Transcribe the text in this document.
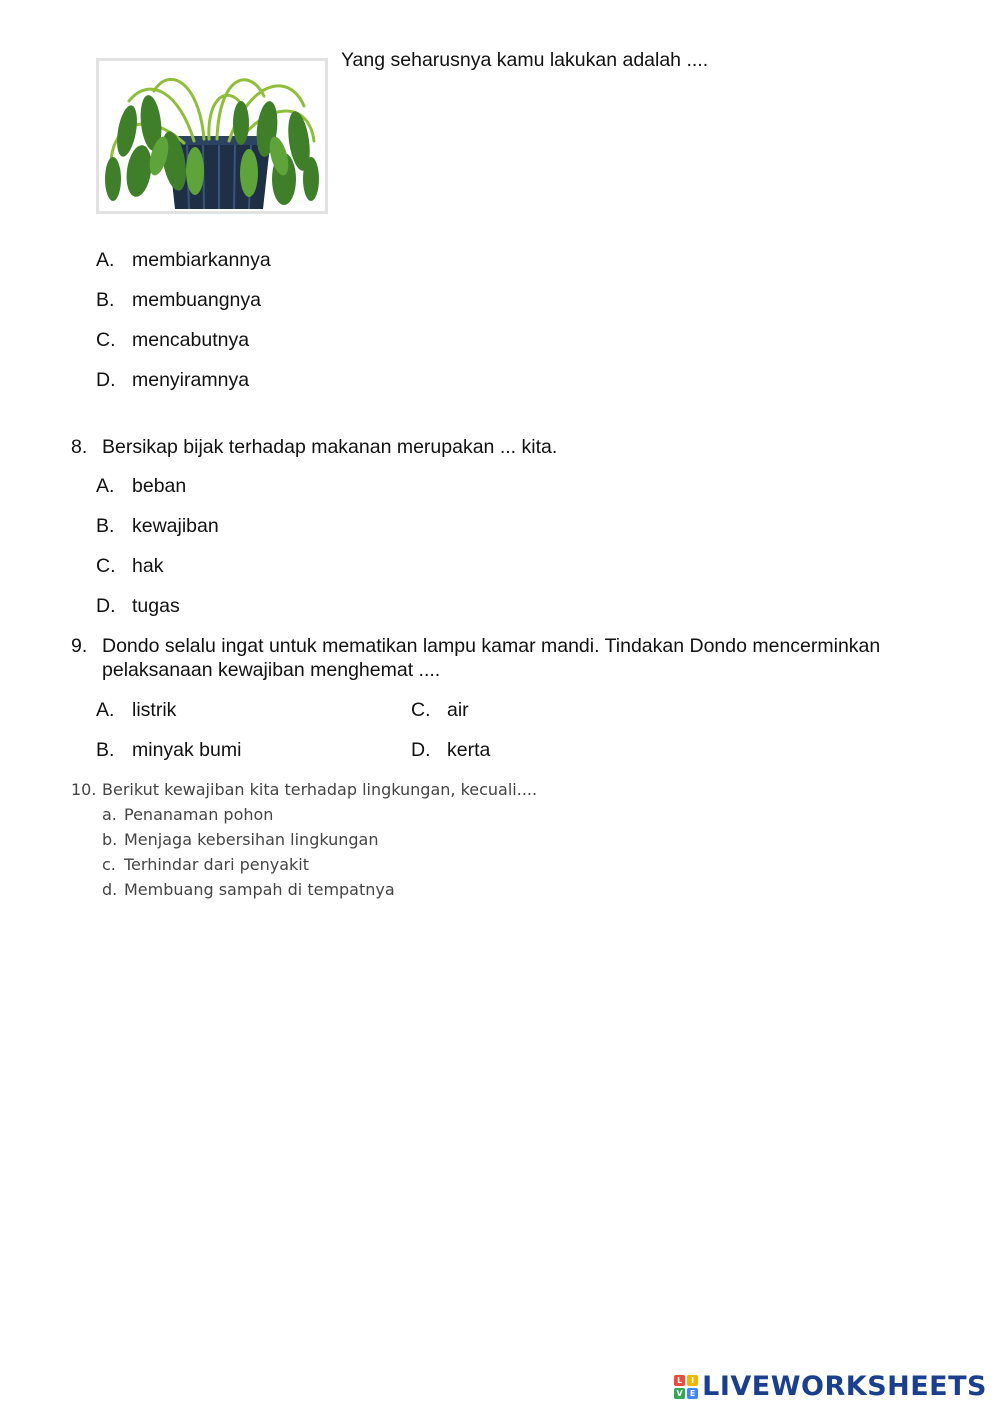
Yang seharusnya kamu lakukan adalah ....
A. membiarkannya
B. membuangnya
C. mencabutnya
D. menyiramnya
8. Bersikap bijak terhadap makanan merupakan ... kita.
A. beban
B. kewajiban
C. hak
D. tugas
9. Dondo selalu ingat untuk mematikan lampu kamar mandi. Tindakan Dondo mencerminkan
pelaksanaan kewajiban menghemat ....
A. listrik	C. air
B. minyak bumi	D. kerta
10. Berikut kewajiban kita terhadap lingkungan, kecuali....
a. Penanaman pohon
b. Menjaga kebersihan lingkungan
c. Terhindar dari penyakit
d. Membuang sampah di tempatnya
L	I
V E LIVEWORKSHEETS
